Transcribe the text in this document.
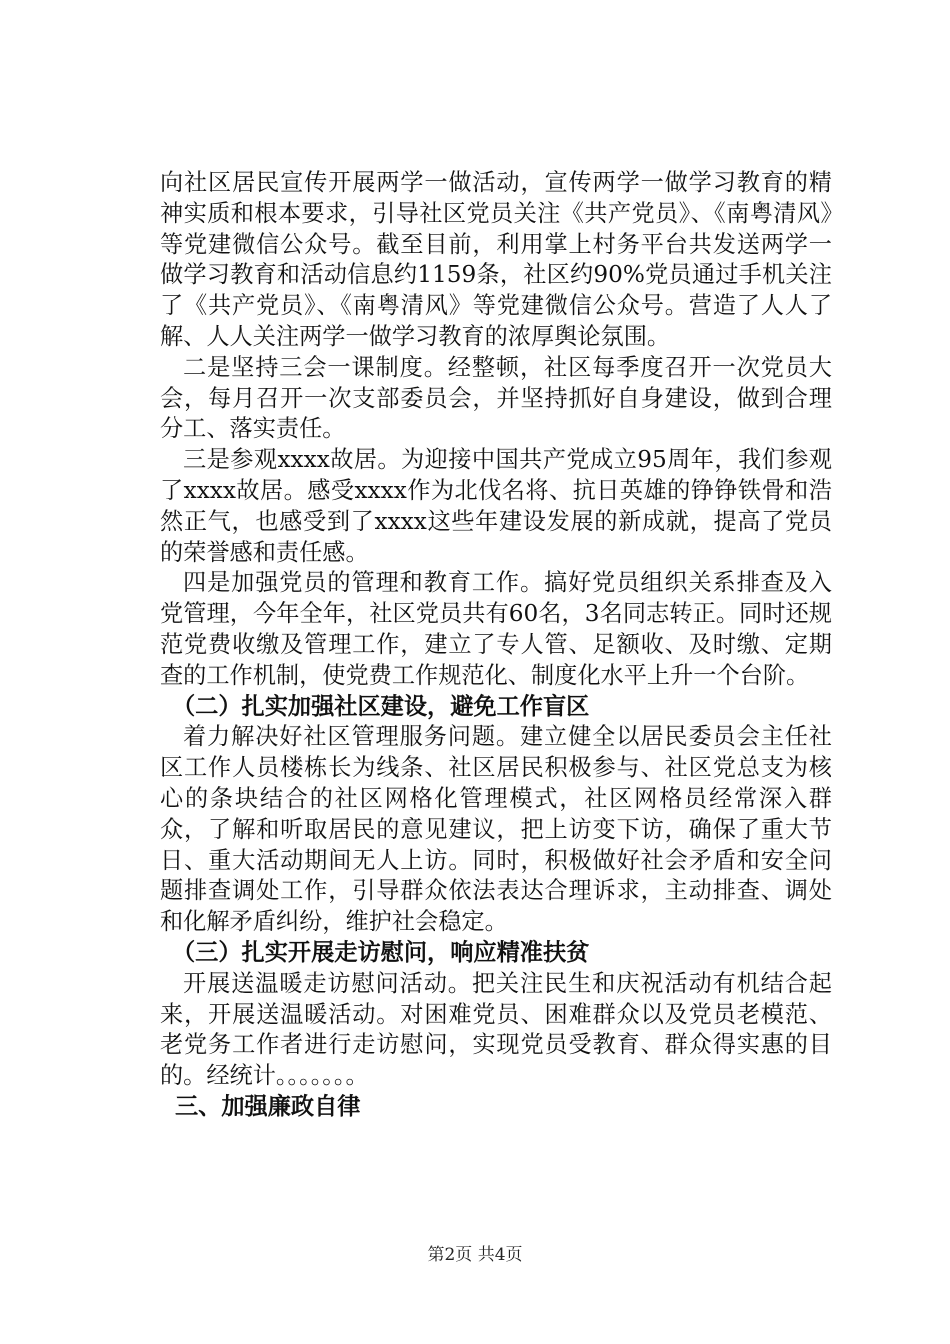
向社区居民宣传开展两学一做活动，宣传两学一做学习教育的精神实质和根本要求，引导社区党员关注《共产党员》、《南粤清风》等党建微信公众号。截至目前，利用掌上村务平台共发送两学一做学习教育和活动信息约1159条，社区约90%党员通过手机关注了《共产党员》、《南粤清风》等党建微信公众号。营造了人人了解、人人关注两学一做学习教育的浓厚舆论氛围。

二是坚持三会一课制度。经整顿，社区每季度召开一次党员大会，每月召开一次支部委员会，并坚持抓好自身建设，做到合理分工、落实责任。

三是参观xxxx故居。为迎接中国共产党成立95周年，我们参观了xxxx故居。感受xxxx作为北伐名将、抗日英雄的铮铮铁骨和浩然正气，也感受到了xxxx这些年建设发展的新成就，提高了党员的荣誉感和责任感。

四是加强党员的管理和教育工作。搞好党员组织关系排查及入党管理，今年全年，社区党员共有60名，3名同志转正。同时还规范党费收缴及管理工作，建立了专人管、足额收、及时缴、定期查的工作机制，使党费工作规范化、制度化水平上升一个台阶。

（二）扎实加强社区建设，避免工作盲区

着力解决好社区管理服务问题。建立健全以居民委员会主任社区工作人员楼栋长为线条、社区居民积极参与、社区党总支为核心的条块结合的社区网格化管理模式，社区网格员经常深入群众，了解和听取居民的意见建议，把上访变下访，确保了重大节日、重大活动期间无人上访。同时，积极做好社会矛盾和安全问题排查调处工作，引导群众依法表达合理诉求，主动排查、调处和化解矛盾纠纷，维护社会稳定。

（三）扎实开展走访慰问，响应精准扶贫

开展送温暖走访慰问活动。把关注民生和庆祝活动有机结合起来，开展送温暖活动。对困难党员、困难群众以及党员老模范、老党务工作者进行走访慰问，实现党员受教育、群众得实惠的目的。经统计。。。。。。。

三、加强廉政自律
第2页 共4页
